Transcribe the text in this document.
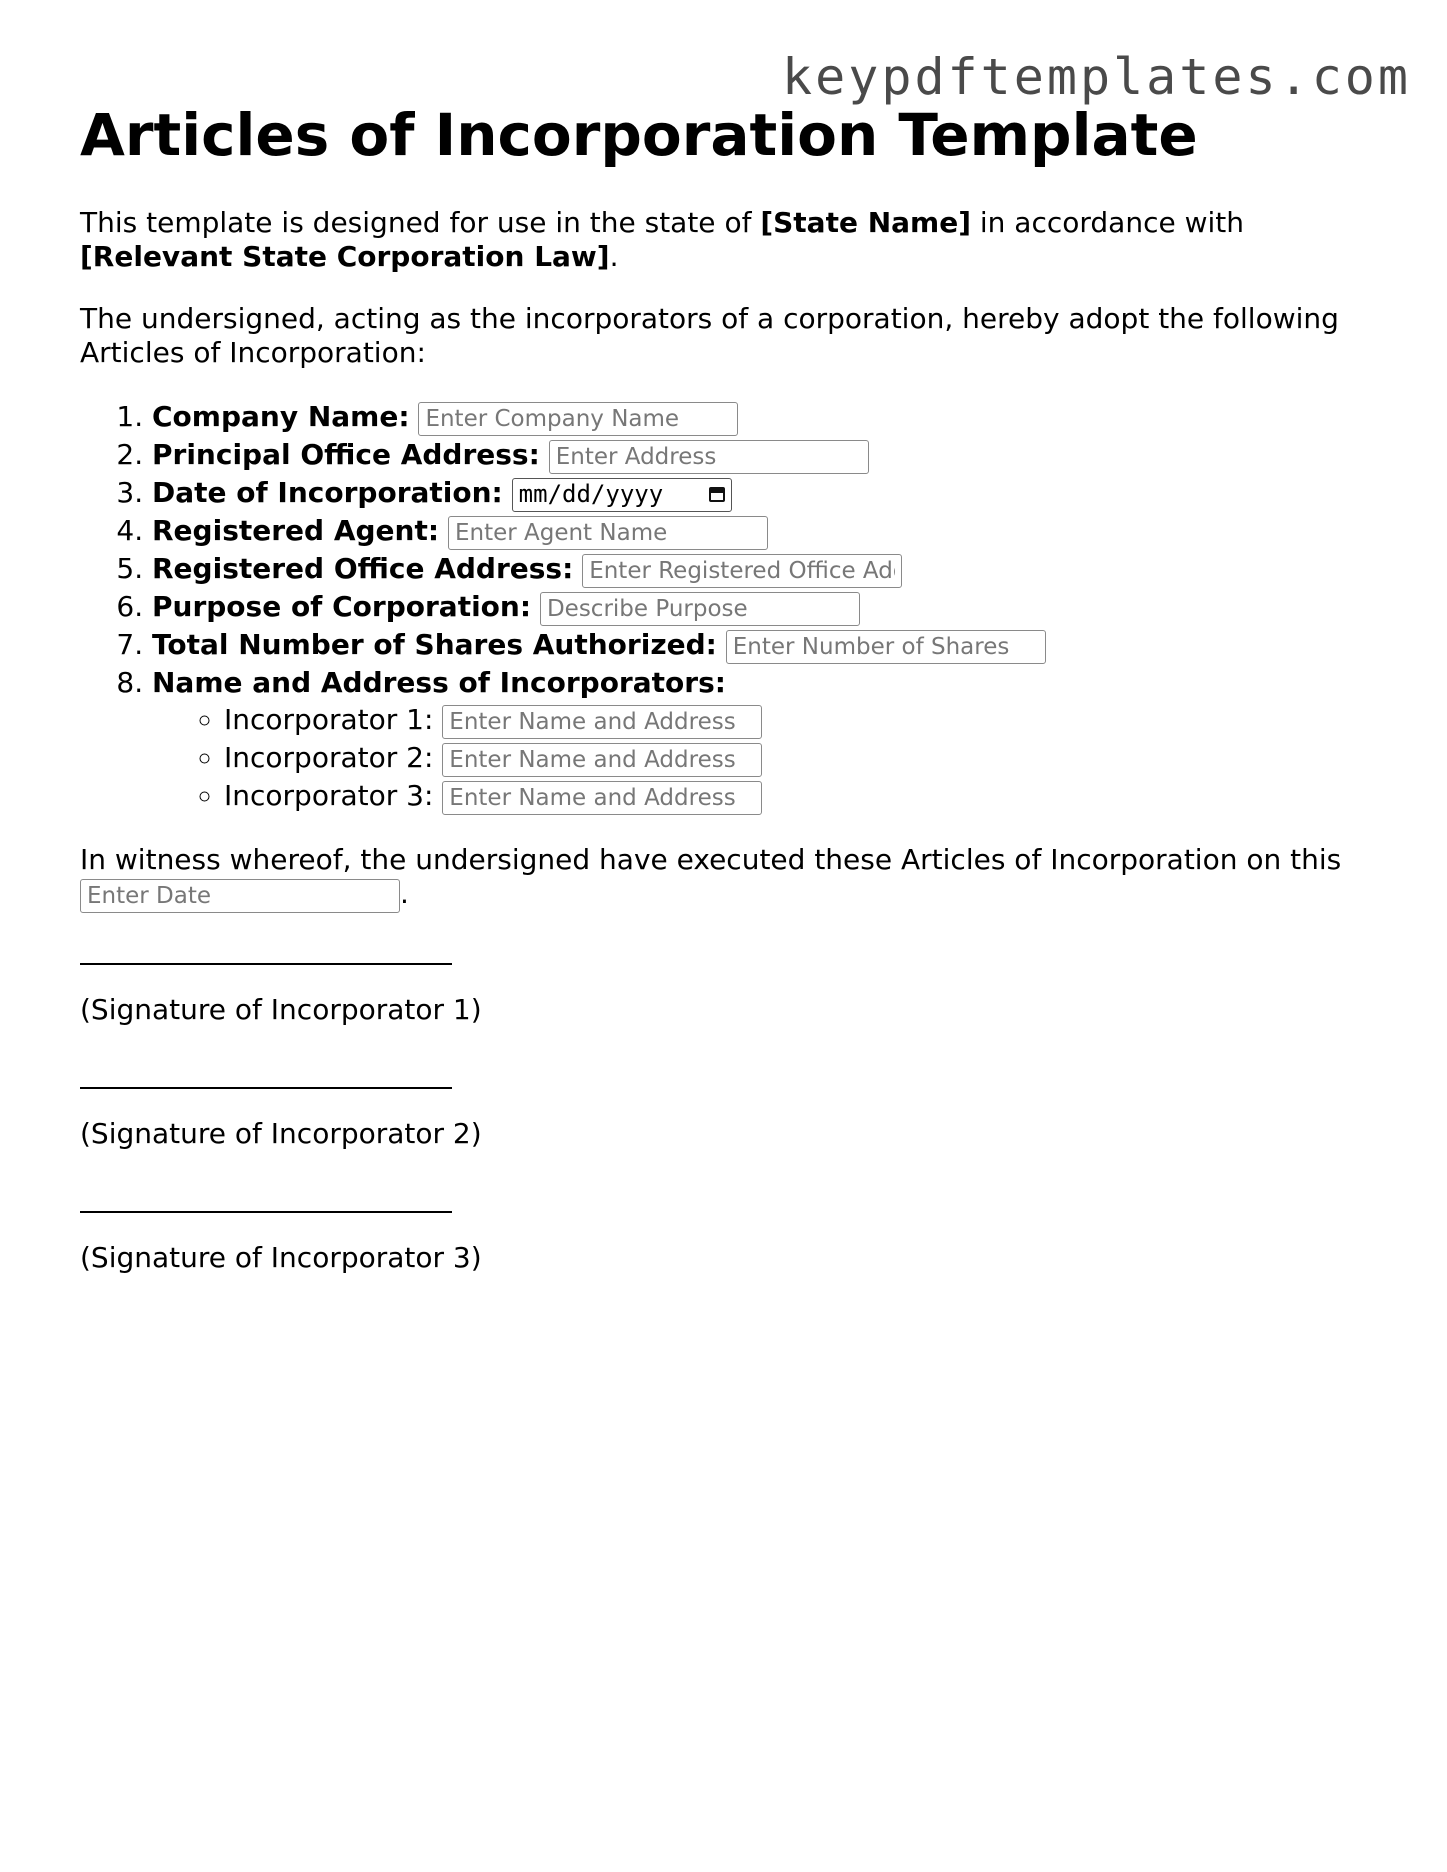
keypdftemplates.com
Articles of Incorporation Template

This template is designed for use in the state of [State Name] in accordance with
[Relevant State Corporation Law].

The undersigned, acting as the incorporators of a corporation, hereby adopt the following Articles of Incorporation:

1. Company Name: Enter Company Name
2. Principal Office Address: Enter Address
3. Date of Incorporation: mm/dd/yyyy
4. Registered Agent: Enter Agent Name
5. Registered Office Address: Enter Registered Office Address
6. Purpose of Corporation: Describe Purpose
7. Total Number of Shares Authorized: Enter Number of Shares
8. Name and Address of Incorporators:
◦ Incorporator 1: Enter Name and Address
◦ Incorporator 2: Enter Name and Address
◦ Incorporator 3: Enter Name and Address

In witness whereof, the undersigned have executed these Articles of Incorporation on this
Enter Date.

(Signature of Incorporator 1)
(Signature of Incorporator 2)
(Signature of Incorporator 3)
